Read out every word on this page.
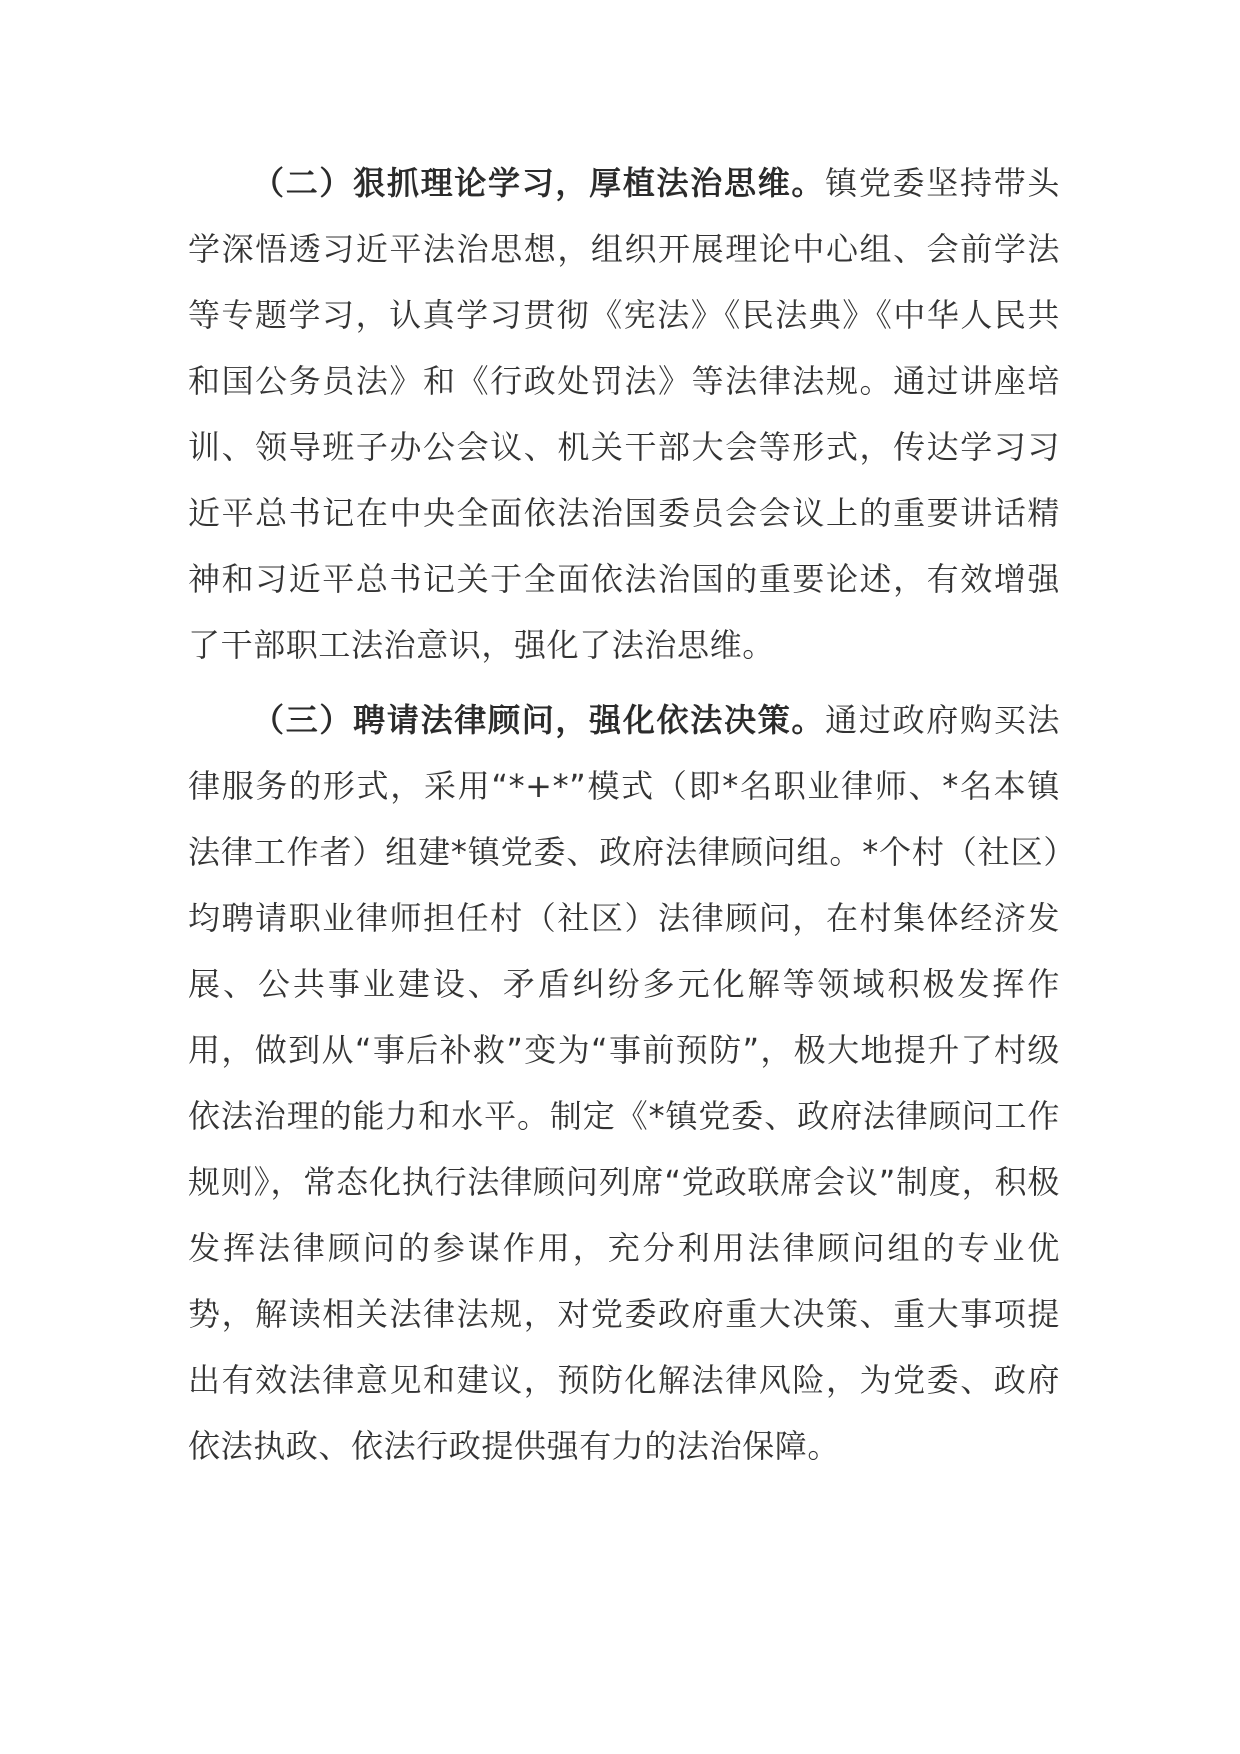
（二）狠抓理论学习，厚植法治思维。镇党委坚持带头学深悟透习近平法治思想，组织开展理论中心组、会前学法等专题学习，认真学习贯彻《宪法》《民法典》《中华人民共和国公务员法》和《行政处罚法》等法律法规。通过讲座培训、领导班子办公会议、机关干部大会等形式，传达学习习近平总书记在中央全面依法治国委员会会议上的重要讲话精神和习近平总书记关于全面依法治国的重要论述，有效增强了干部职工法治意识，强化了法治思维。

（三）聘请法律顾问，强化依法决策。通过政府购买法律服务的形式，采用“*+*”模式（即*名职业律师、*名本镇法律工作者）组建*镇党委、政府法律顾问组。*个村（社区）均聘请职业律师担任村（社区）法律顾问，在村集体经济发展、公共事业建设、矛盾纠纷多元化解等领域积极发挥作用，做到从“事后补救”变为“事前预防”，极大地提升了村级依法治理的能力和水平。制定《*镇党委、政府法律顾问工作规则》，常态化执行法律顾问列席“党政联席会议”制度，积极发挥法律顾问的参谋作用，充分利用法律顾问组的专业优势，解读相关法律法规，对党委政府重大决策、重大事项提出有效法律意见和建议，预防化解法律风险，为党委、政府依法执政、依法行政提供强有力的法治保障。
